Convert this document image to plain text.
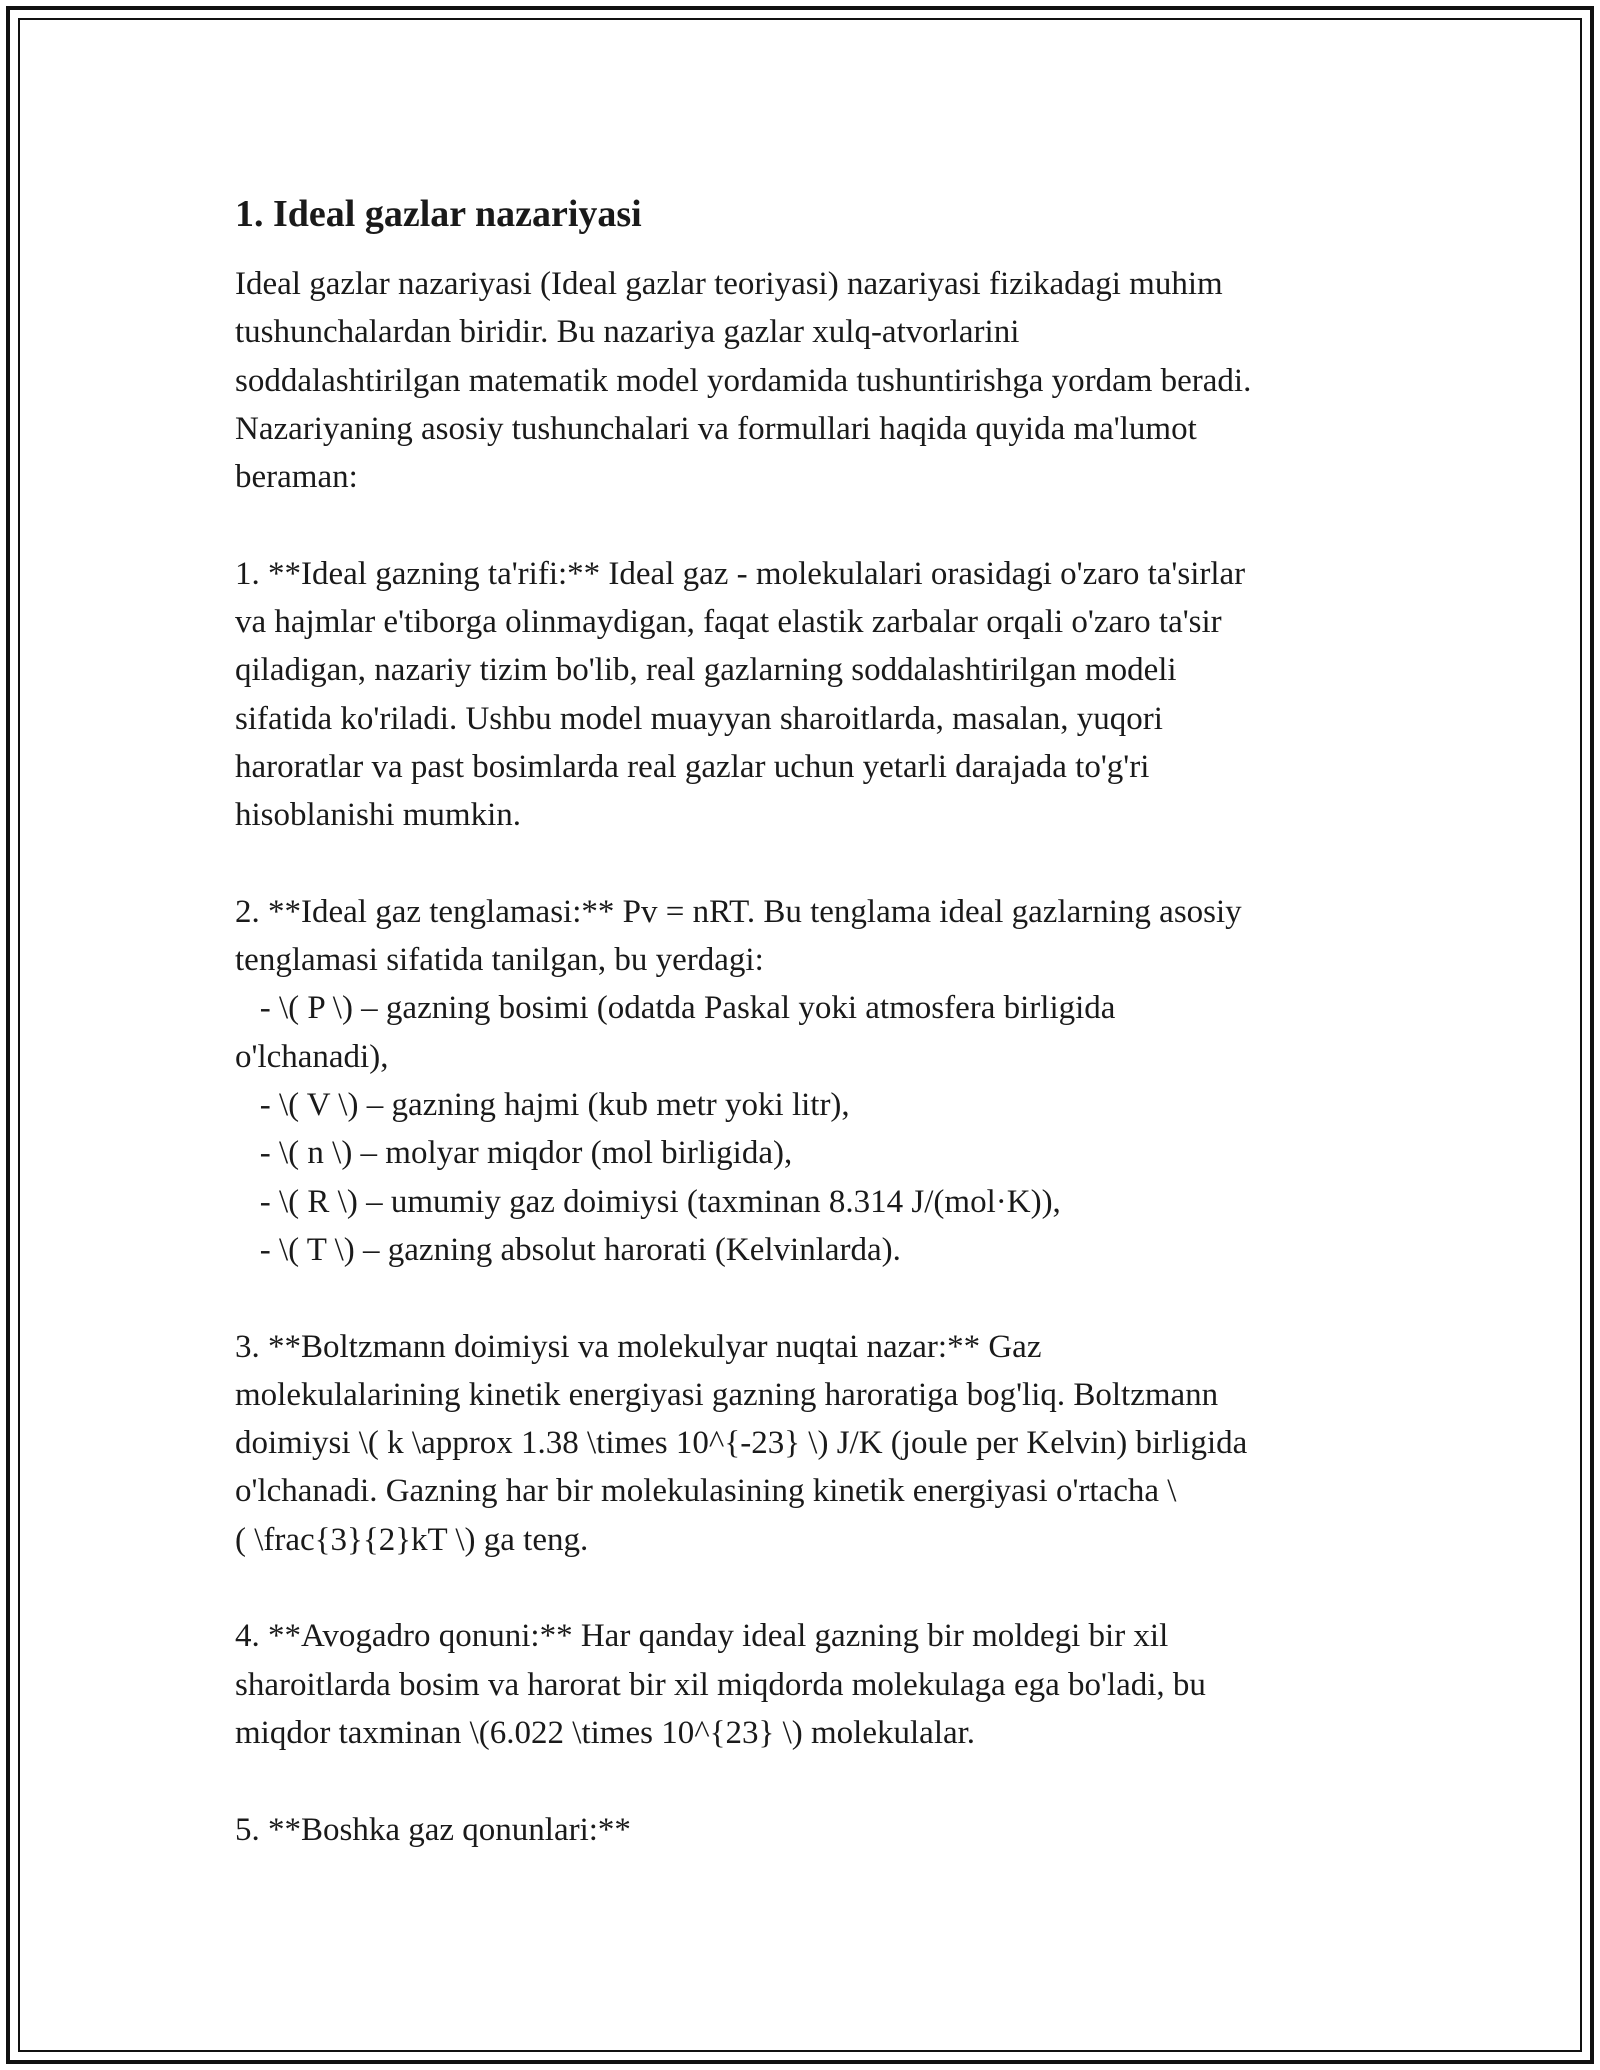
1. Ideal gazlar nazariyasi
Ideal gazlar nazariyasi (Ideal gazlar teoriyasi) nazariyasi fizikadagi muhim
tushunchalardan biridir. Bu nazariya gazlar xulq-atvorlarini
soddalashtirilgan matematik model yordamida tushuntirishga yordam beradi.
Nazariyaning asosiy tushunchalari va formullari haqida quyida ma'lumot
beraman:
1. **Ideal gazning ta'rifi:** Ideal gaz - molekulalari orasidagi o'zaro ta'sirlar
va hajmlar e'tiborga olinmaydigan, faqat elastik zarbalar orqali o'zaro ta'sir
qiladigan, nazariy tizim bo'lib, real gazlarning soddalashtirilgan modeli
sifatida ko'riladi. Ushbu model muayyan sharoitlarda, masalan, yuqori
haroratlar va past bosimlarda real gazlar uchun yetarli darajada to'g'ri
hisoblanishi mumkin.
2. **Ideal gaz tenglamasi:** Pv = nRT. Bu tenglama ideal gazlarning asosiy
tenglamasi sifatida tanilgan, bu yerdagi:
- \( P \) – gazning bosimi (odatda Paskal yoki atmosfera birligida
o'lchanadi),
- \( V \) – gazning hajmi (kub metr yoki litr),
- \( n \) – molyar miqdor (mol birligida),
- \( R \) – umumiy gaz doimiysi (taxminan 8.314 J/(mol·K)),
- \( T \) – gazning absolut harorati (Kelvinlarda).
3. **Boltzmann doimiysi va molekulyar nuqtai nazar:** Gaz
molekulalarining kinetik energiyasi gazning haroratiga bog'liq. Boltzmann
doimiysi \( k \approx 1.38 \times 10^{-23} \) J/K (joule per Kelvin) birligida
o'lchanadi. Gazning har bir molekulasining kinetik energiyasi o'rtacha \
( \frac{3}{2}kT \) ga teng.
4. **Avogadro qonuni:** Har qanday ideal gazning bir moldegi bir xil
sharoitlarda bosim va harorat bir xil miqdorda molekulaga ega bo'ladi, bu
miqdor taxminan \(6.022 \times 10^{23} \) molekulalar.
5. **Boshka gaz qonunlari:**
